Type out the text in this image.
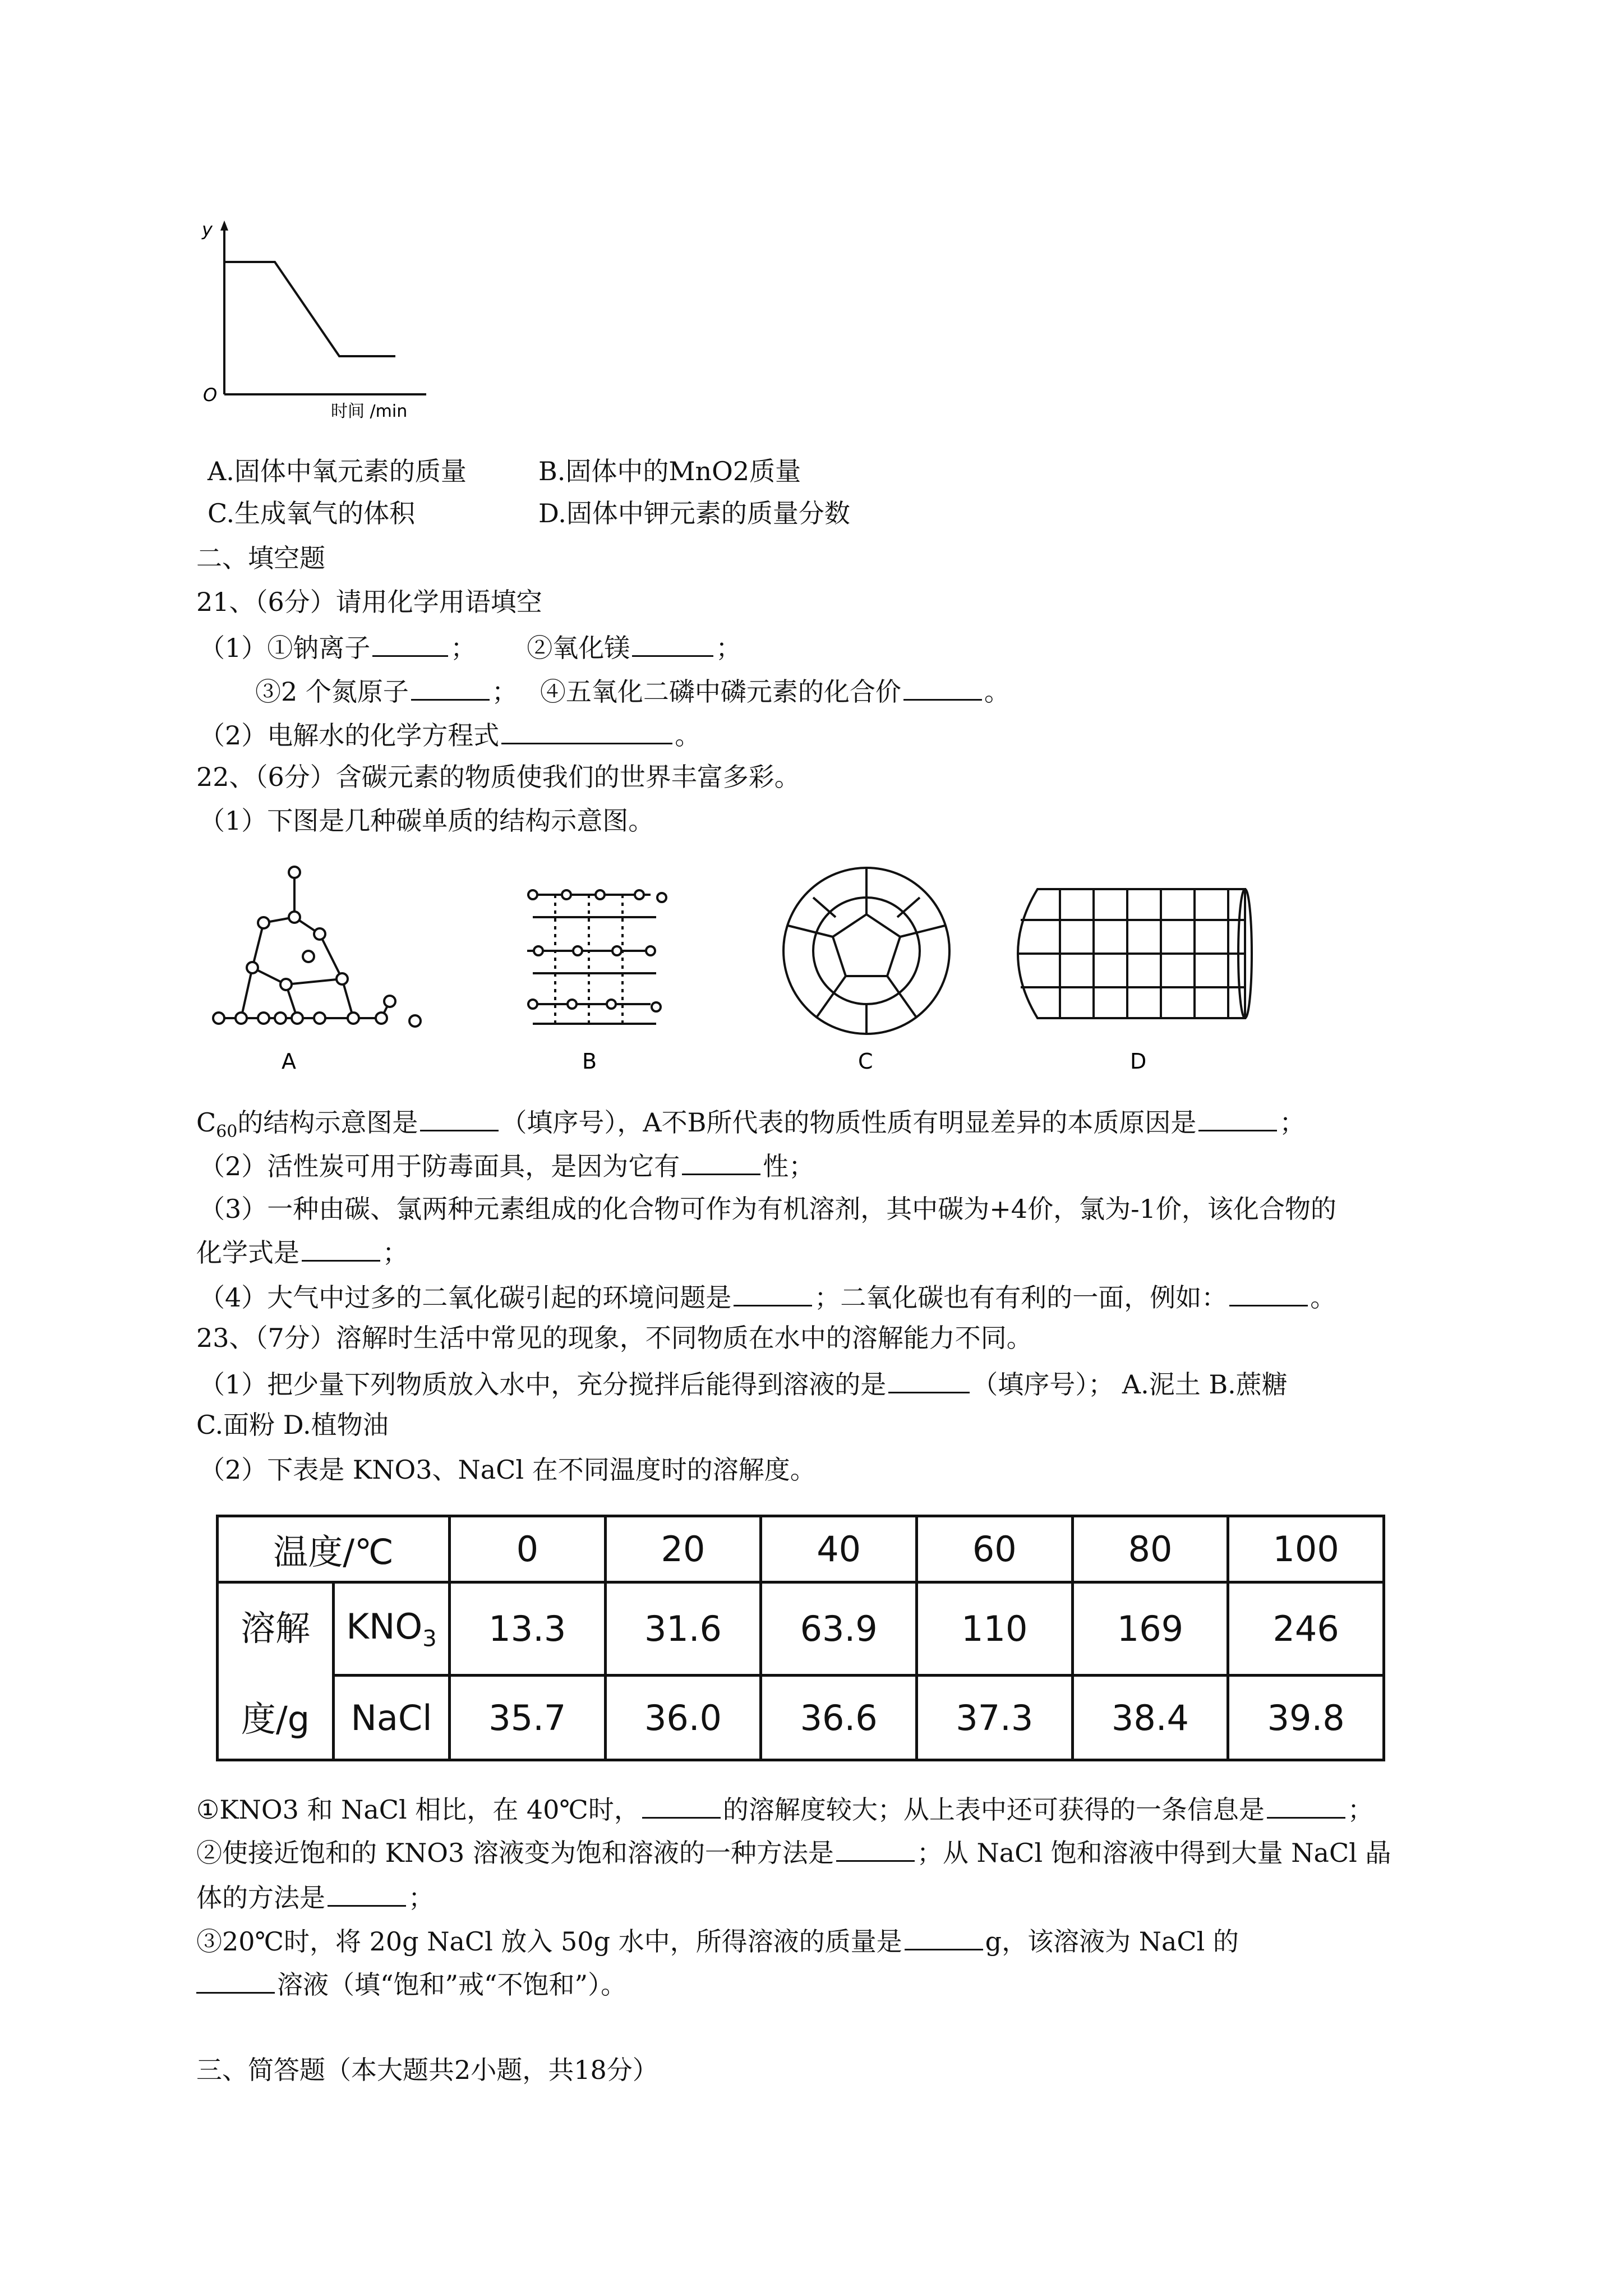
y
O
时间 /min
A.固体中氧元素的质量	B.固体中的MnO2质量
C.生成氧气的体积	D.固体中钾元素的质量分数
二、填空题
21、（6分）请用化学用语填空
（1）①钠离子	； ②氧化镁	；
③2 个氮原子	； ④五氧化二磷中磷元素的化合价	。
（2）电解水的化学方程式	。
22、（6分）含碳元素的物质使我们的世界丰富多彩。
（1）下图是几种碳单质的结构示意图。
A	B	C	D
$C_{60}$的结构示意图是	（填序号），A不B所代表的物质性质有明显差异的本质原因是	；
（2）活性炭可用于防毒面具，是因为它有	性；
（3）一种由碳、氯两种元素组成的化合物可作为有机溶剂，其中碳为+4价，氯为-1价，该化合物的
化学式是	；
（4）大气中过多的二氧化碳引起的环境问题是	；二氧化碳也有有利的一面，例如：	。
23、（7分）溶解时生活中常见的现象，不同物质在水中的溶解能力不同。
（1）把少量下列物质放入水中，充分搅拌后能得到溶液的是	（填序号）； A.泥土 B.蔗糖
C.面粉 D.植物油
（2）下表是 KNO3、NaCl 在不同温度时的溶解度。
温度/℃		0	20	40	60	80	100
溶解

度/g	$KNO_3$	13.3	31.6	63.9	110	169	246
	NaCl	35.7	36.0	36.6	37.3	38.4	39.8
①KNO3 和 NaCl 相比，在 40℃时，	的溶解度较大；从上表中还可获得的一条信息是	；
②使接近饱和的 KNO3 溶液变为饱和溶液的一种方法是	；从 NaCl 饱和溶液中得到大量 NaCl 晶
体的方法是	；
③20℃时，将 20g NaCl 放入 50g 水中，所得溶液的质量是	g，该溶液为 NaCl 的
溶液（填“饱和”戒“不饱和”）。
三、简答题（本大题共2小题，共18分）
